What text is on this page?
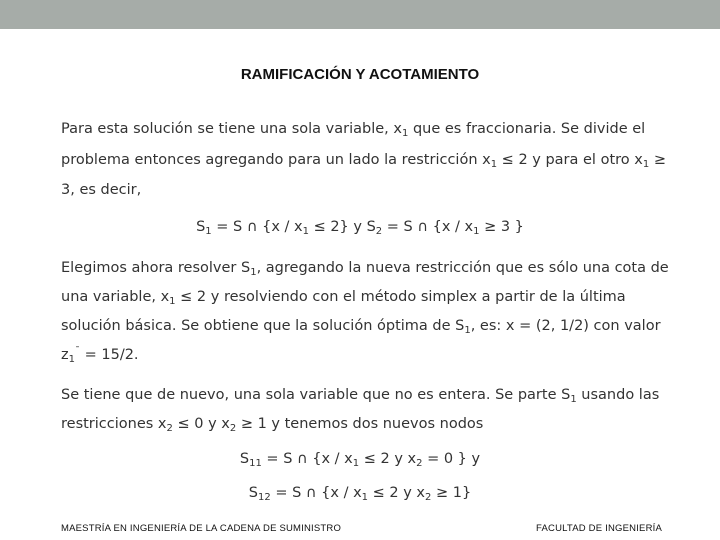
RAMIFICACIÓN Y ACOTAMIENTO
Para esta solución se tiene una sola variable, $x_1$ que es fraccionaria. Se divide el
problema entonces agregando para un lado la restricción $x_1 \le 2$ y para el otro $x_1$ ≥
3, es decir,
$S_1 = S$ ∩ $\{x / x_1 \le 2\}$ y $S_2 = S$ ∩ {$x / x_1 \ge 3$ }
Elegimos ahora resolver $S_1$, agregando la nueva restricción que es sólo una cota de
una variable, $x_1 \le 2$ y resolviendo con el método simplex a partir de la última
solución básica. Se obtiene que la solución óptima de $S_1$, es: x = (2, 1/2) con valor
$z_1^¯ = 15/2$.
Se tiene que de nuevo, una sola variable que no es entera. Se parte $S_1$ usando las
restricciones $x_2 \le 0$ y $x_2 \ge 1$ y tenemos dos nuevos nodos
$S_{11} = S$ ∩ {$x / x_1 \le 2$ y $x_2 = 0$ } y
$S_{12} = S$ ∩ {$x / x_1 \le 2$ y $x_2 \ge 1$}
MAESTRÍA EN INGENIERÍA DE LA CADENA DE SUMINISTRO	FACULTAD DE INGENIERÍA
